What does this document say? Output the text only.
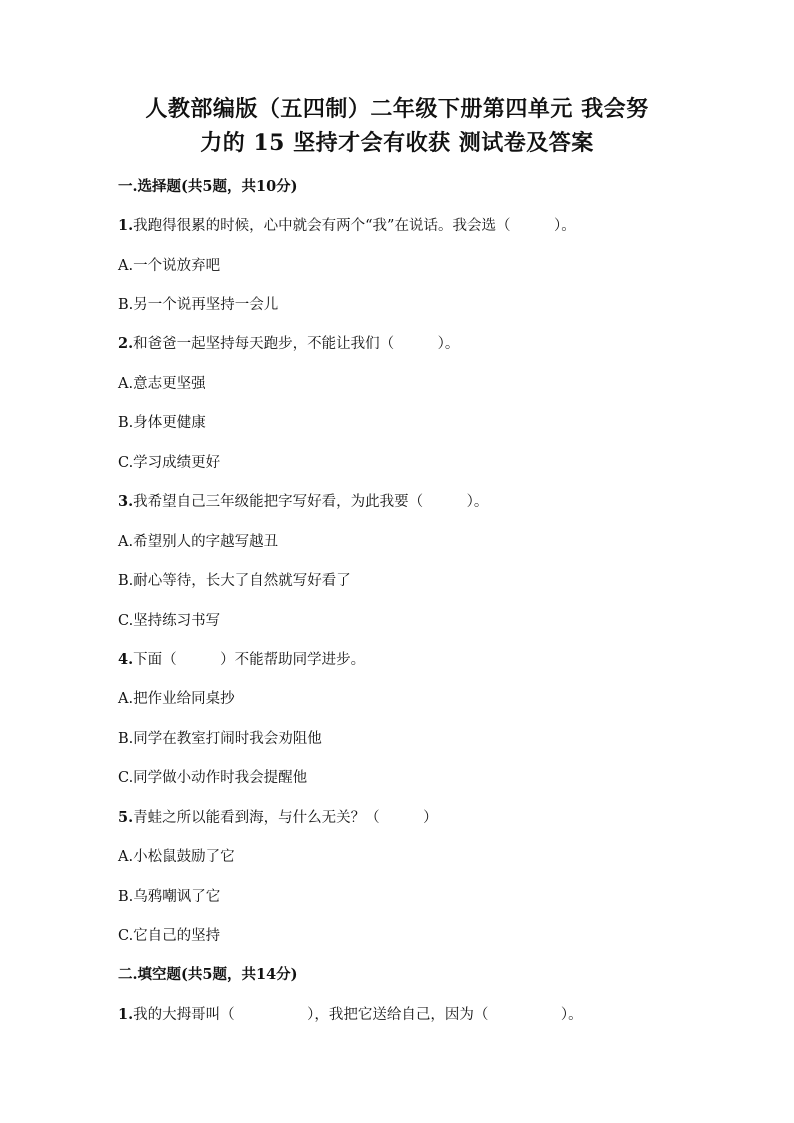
人教部编版（五四制）二年级下册第四单元 我会努
力的 15 坚持才会有收获 测试卷及答案
一.选择题(共5题，共10分)
1.我跑得很累的时候，心中就会有两个“我”在说话。我会选（　　　）。
A.一个说放弃吧
B.另一个说再坚持一会儿
2.和爸爸一起坚持每天跑步，不能让我们（　　　）。
A.意志更坚强
B.身体更健康
C.学习成绩更好
3.我希望自己三年级能把字写好看，为此我要（　　　）。
A.希望别人的字越写越丑
B.耐心等待，长大了自然就写好看了
C.坚持练习书写
4.下面（　　　）不能帮助同学进步。
A.把作业给同桌抄
B.同学在教室打闹时我会劝阻他
C.同学做小动作时我会提醒他
5.青蛙之所以能看到海，与什么无关？（　　　）
A.小松鼠鼓励了它
B.乌鸦嘲讽了它
C.它自己的坚持
二.填空题(共5题，共14分)
1.我的大拇哥叫（　　　　　），我把它送给自己，因为（　　　　　）。
